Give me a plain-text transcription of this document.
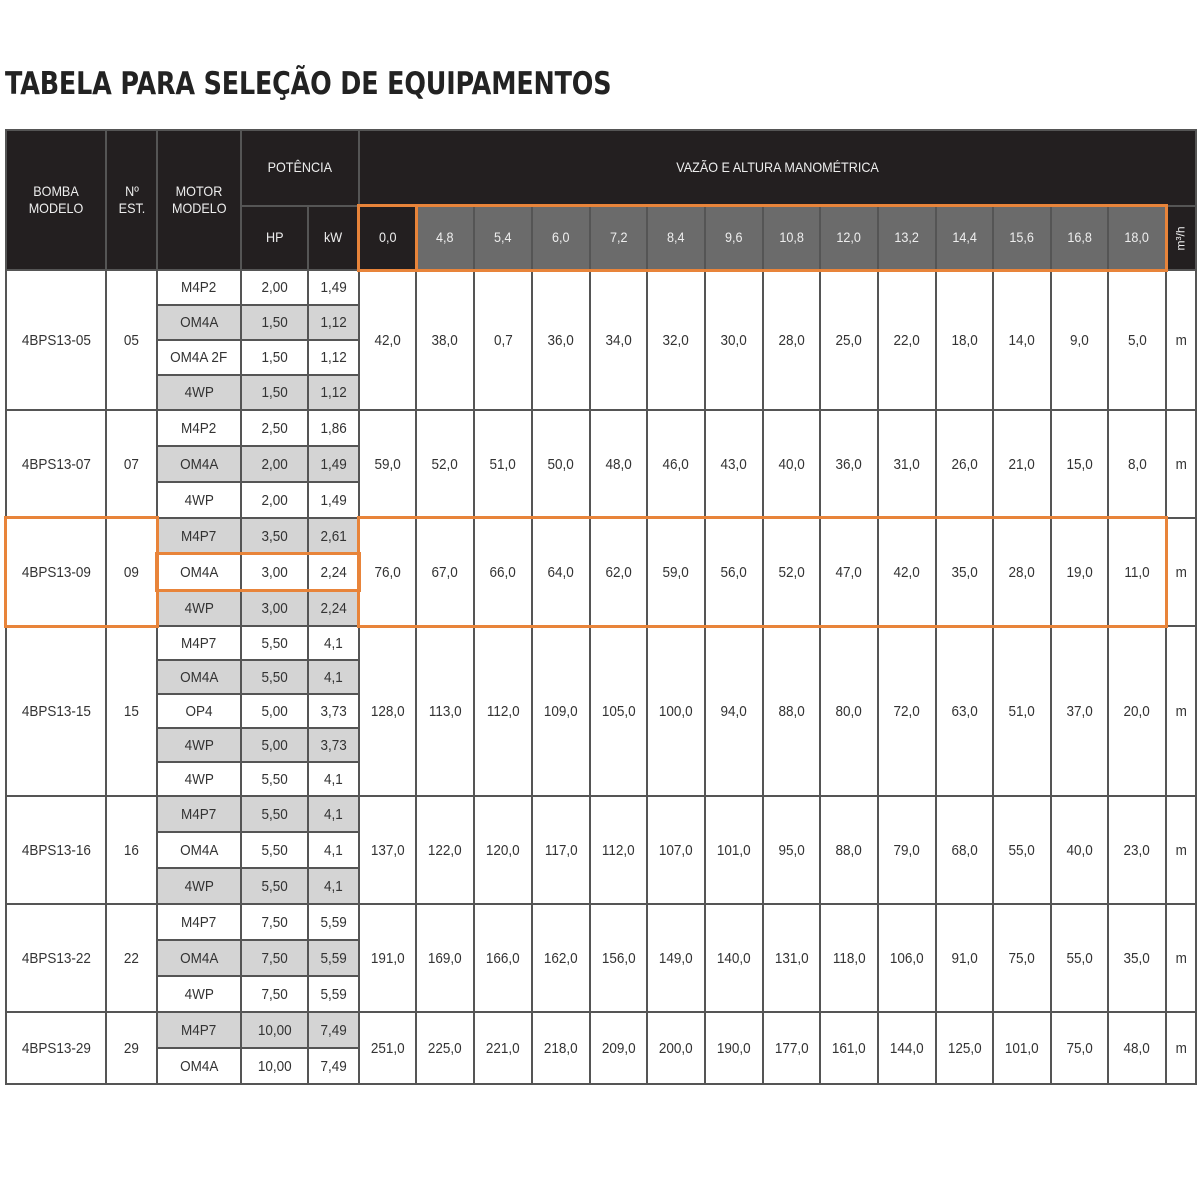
TABELA PARA SELEÇÃO DE EQUIPAMENTOS
BOMBA MODELO	Nº EST.	MOTOR MODELO	POTÊNCIA		VAZÃO E ALTURA MANOMÉTRICA														
			HP	kW	0,0	4,8	5,4	6,0	7,2	8,4	9,6	10,8	12,0	13,2	14,4	15,6	16,8	18,0	m³/h
4BPS13-05	05	M4P2	2,00	1,49	42,0	38,0	0,7	36,0	34,0	32,0	30,0	28,0	25,0	22,0	18,0	14,0	9,0	5,0	m
		OM4A	1,50	1,12															
		OM4A 2F	1,50	1,12															
		4WP	1,50	1,12															
4BPS13-07	07	M4P2	2,50	1,86	59,0	52,0	51,0	50,0	48,0	46,0	43,0	40,0	36,0	31,0	26,0	21,0	15,0	8,0	m
		OM4A	2,00	1,49															
		4WP	2,00	1,49															
4BPS13-09	09	M4P7	3,50	2,61	76,0	67,0	66,0	64,0	62,0	59,0	56,0	52,0	47,0	42,0	35,0	28,0	19,0	11,0	m
		OM4A	3,00	2,24															
		4WP	3,00	2,24															
4BPS13-15	15	M4P7	5,50	4,1	128,0	113,0	112,0	109,0	105,0	100,0	94,0	88,0	80,0	72,0	63,0	51,0	37,0	20,0	m
		OM4A	5,50	4,1															
		OP4	5,00	3,73															
		4WP	5,00	3,73															
		4WP	5,50	4,1															
4BPS13-16	16	M4P7	5,50	4,1	137,0	122,0	120,0	117,0	112,0	107,0	101,0	95,0	88,0	79,0	68,0	55,0	40,0	23,0	m
		OM4A	5,50	4,1															
		4WP	5,50	4,1															
4BPS13-22	22	M4P7	7,50	5,59	191,0	169,0	166,0	162,0	156,0	149,0	140,0	131,0	118,0	106,0	91,0	75,0	55,0	35,0	m
		OM4A	7,50	5,59															
		4WP	7,50	5,59															
4BPS13-29	29	M4P7	10,00	7,49	251,0	225,0	221,0	218,0	209,0	200,0	190,0	177,0	161,0	144,0	125,0	101,0	75,0	48,0	m
		OM4A	10,00	7,49															
